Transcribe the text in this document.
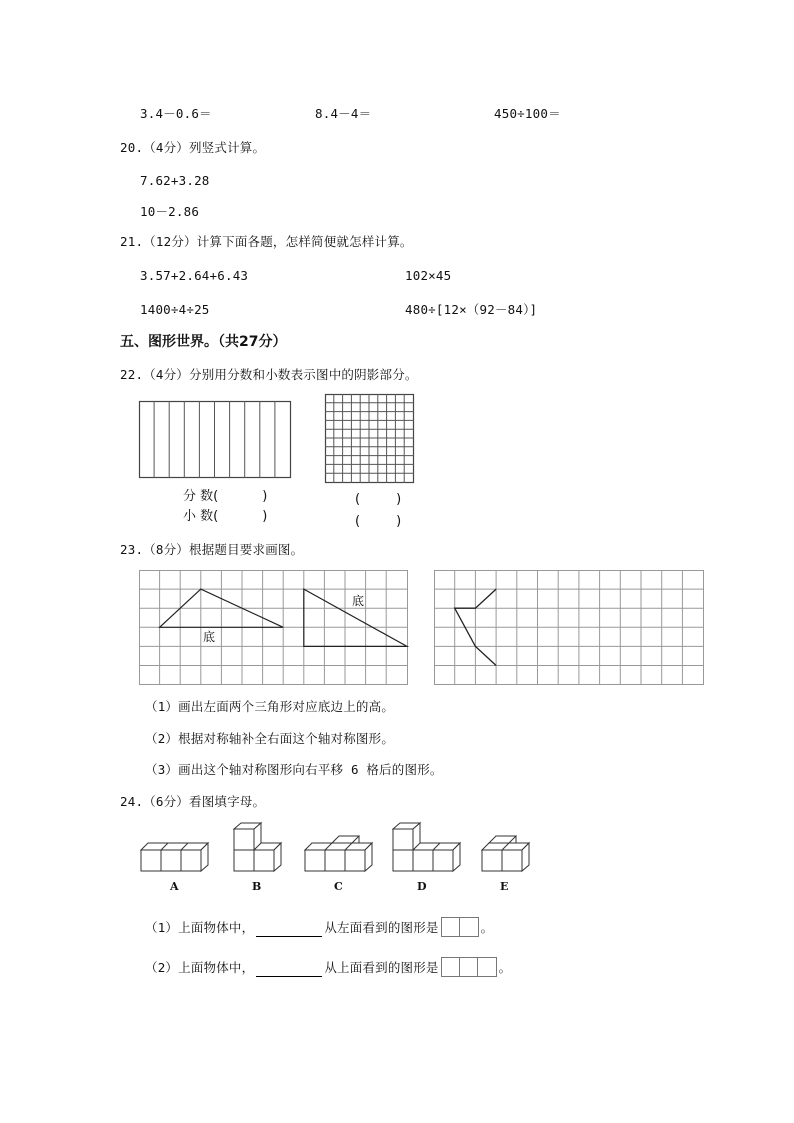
3.4－0.6＝	8.4－4＝	450÷100＝
20.（4分）列竖式计算。
7.62+3.28
10－2.86
21.（12分）计算下面各题，怎样简便就怎样计算。
3.57+2.64+6.43	102×45
1400÷4÷25	480÷[12×（92－84）]
五、图形世界。（共27分）
22.（4分）分别用分数和小数表示图中的阴影部分。
分 数(	)
小 数(	)
(	)
(	)
23.（8分）根据题目要求画图。
底
底
（1）画出左面两个三角形对应底边上的高。
（2）根据对称轴补全右面这个轴对称图形。
（3）画出这个轴对称图形向右平移 6 格后的图形。
24.（6分）看图填字母。
A	B	C	D	E
（1）上面物体中，	从左面看到的图形是	。
（2）上面物体中，	从上面看到的图形是	。
